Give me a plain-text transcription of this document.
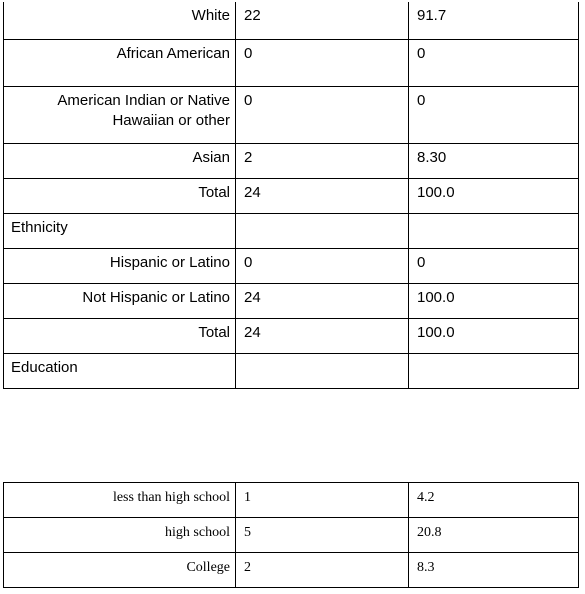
White	22	91.7

African American	0	0

American Indian or Native Hawaiian or other	0	0

Asian	2	8.30

Total	24	100.0

Ethnicity		

Hispanic or Latino	0	0

Not Hispanic or Latino	24	100.0

Total	24	100.0

Education		

less than high school	1	4.2

high school	5	20.8

College	2	8.3
